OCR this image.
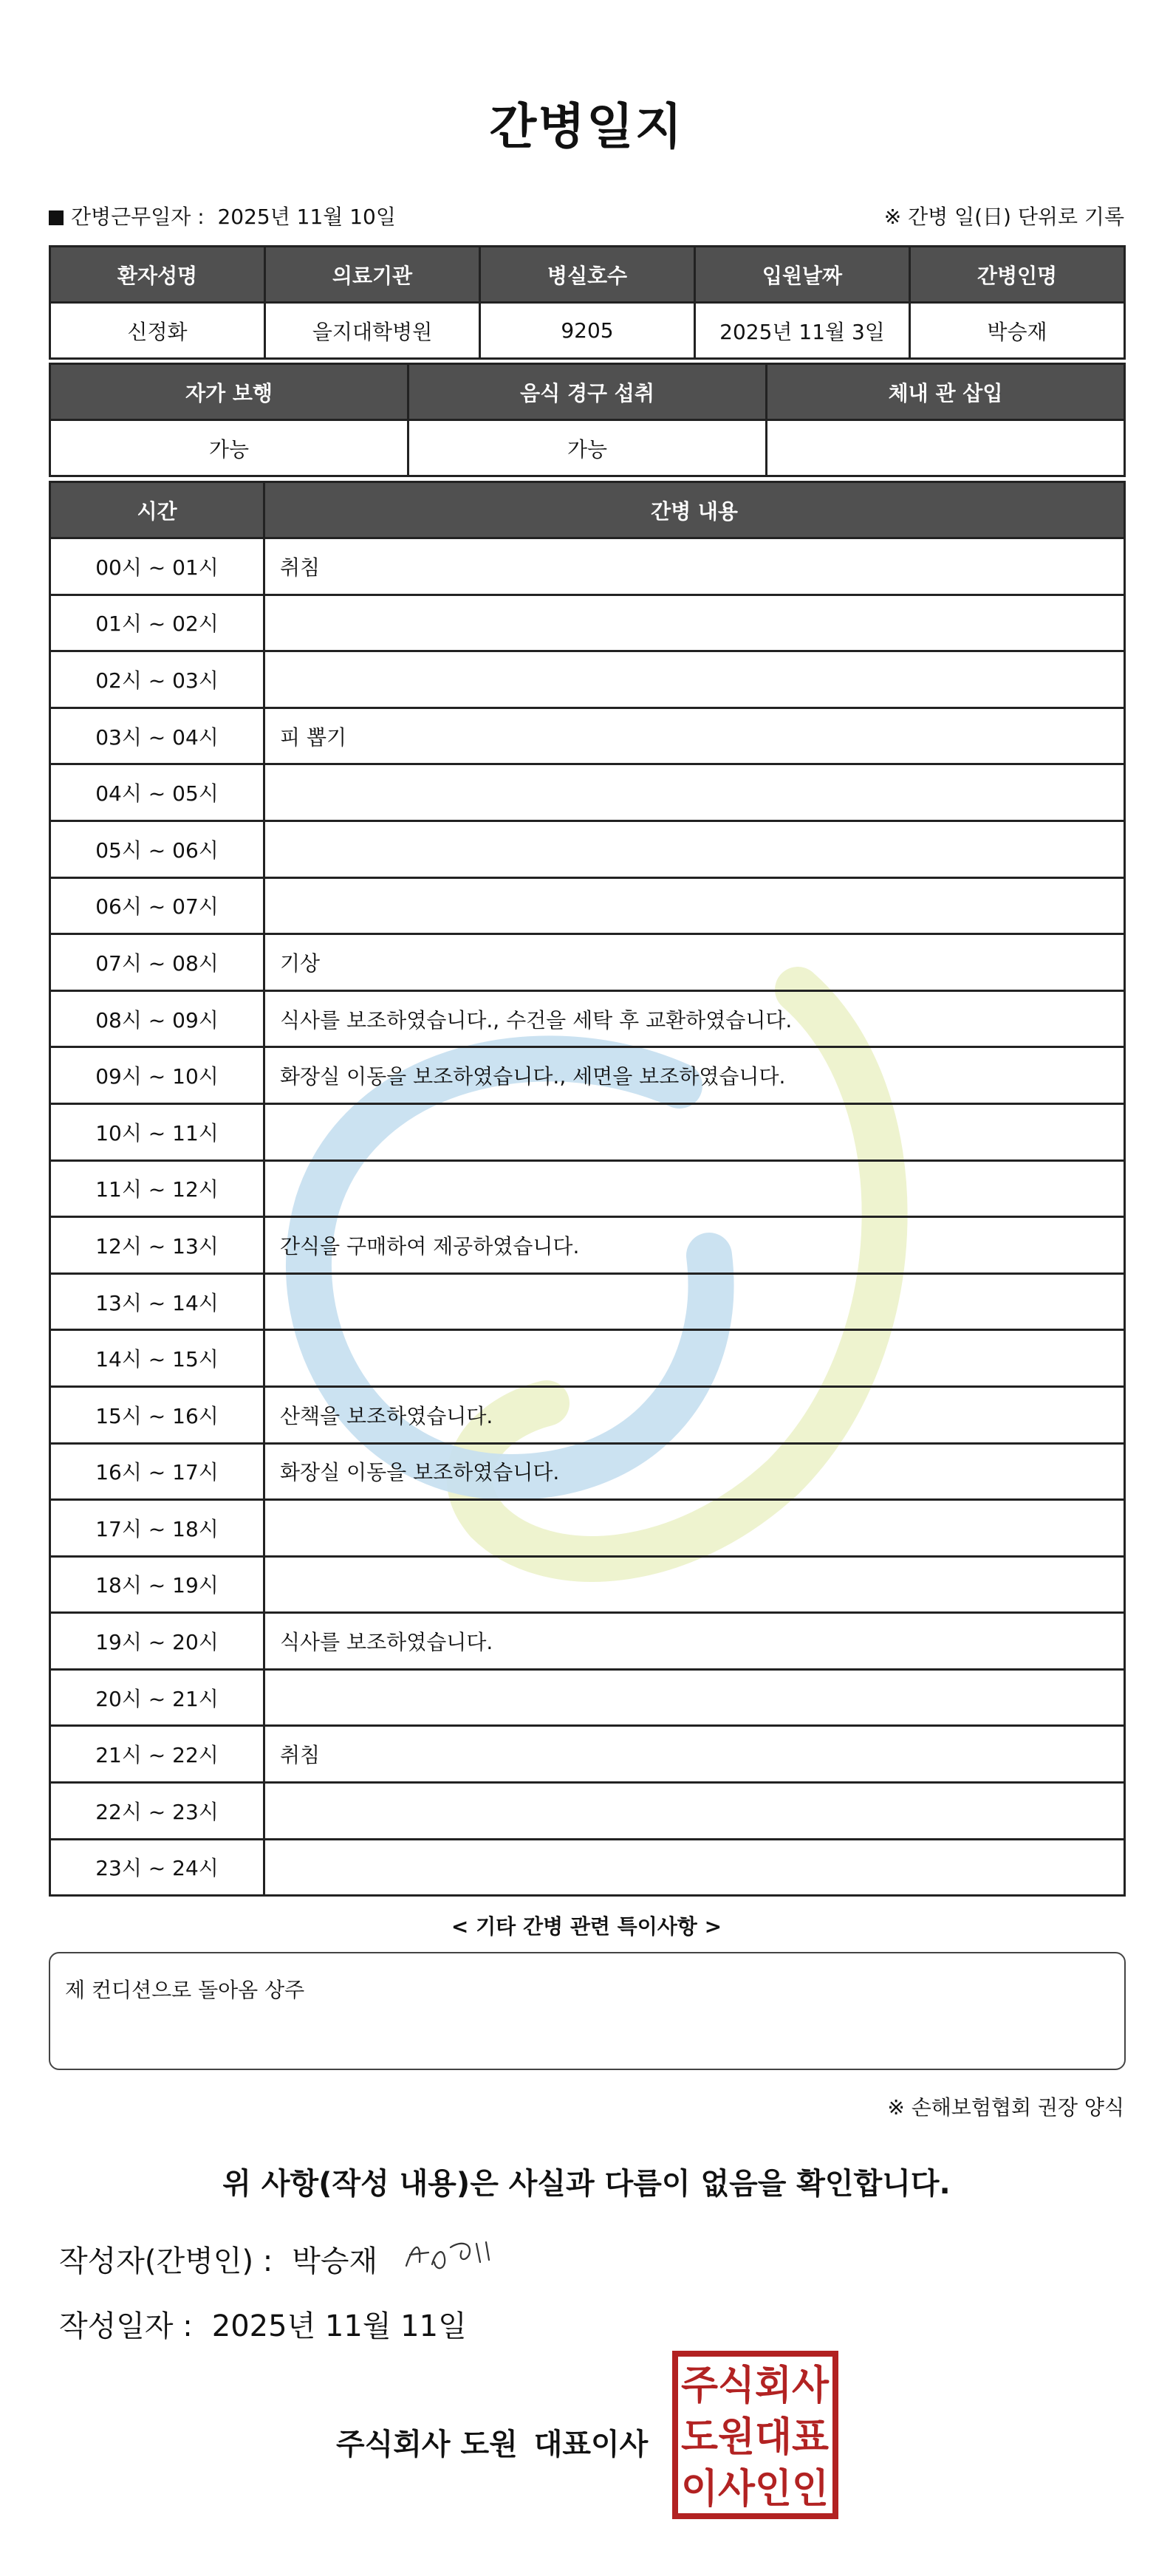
간병일지
간병근무일자 : 2025년 11월 10일	※ 간병 일(日) 단위로 기록
환자성명	의료기관	병실호수	입원날짜	간병인명
신정화	을지대학병원	9205	2025년 11월 3일	박승재
자가 보행	음식 경구 섭취	체내 관 삽입
가능	가능	
시간	간병 내용
00시 ~ 01시	취침
01시 ~ 02시	
02시 ~ 03시	
03시 ~ 04시	피 뽑기
04시 ~ 05시	
05시 ~ 06시	
06시 ~ 07시	
07시 ~ 08시	기상
08시 ~ 09시	식사를 보조하였습니다., 수건을 세탁 후 교환하였습니다.
09시 ~ 10시	화장실 이동을 보조하였습니다., 세면을 보조하였습니다.
10시 ~ 11시	
11시 ~ 12시	
12시 ~ 13시	간식을 구매하여 제공하였습니다.
13시 ~ 14시	
14시 ~ 15시	
15시 ~ 16시	산책을 보조하였습니다.
16시 ~ 17시	화장실 이동을 보조하였습니다.
17시 ~ 18시	
18시 ~ 19시	
19시 ~ 20시	식사를 보조하였습니다.
20시 ~ 21시	
21시 ~ 22시	취침
22시 ~ 23시	
23시 ~ 24시	
< 기타 간병 관련 특이사항 >
제 컨디션으로 돌아옴 상주
※ 손해보험협회 권장 양식
위 사항(작성 내용)은 사실과 다름이 없음을 확인합니다.
작성자(간병인) : 박승재
작성일자 : 2025년 11월 11일
주식회사 도원 대표이사
주식회사
도원대표
이사인인
